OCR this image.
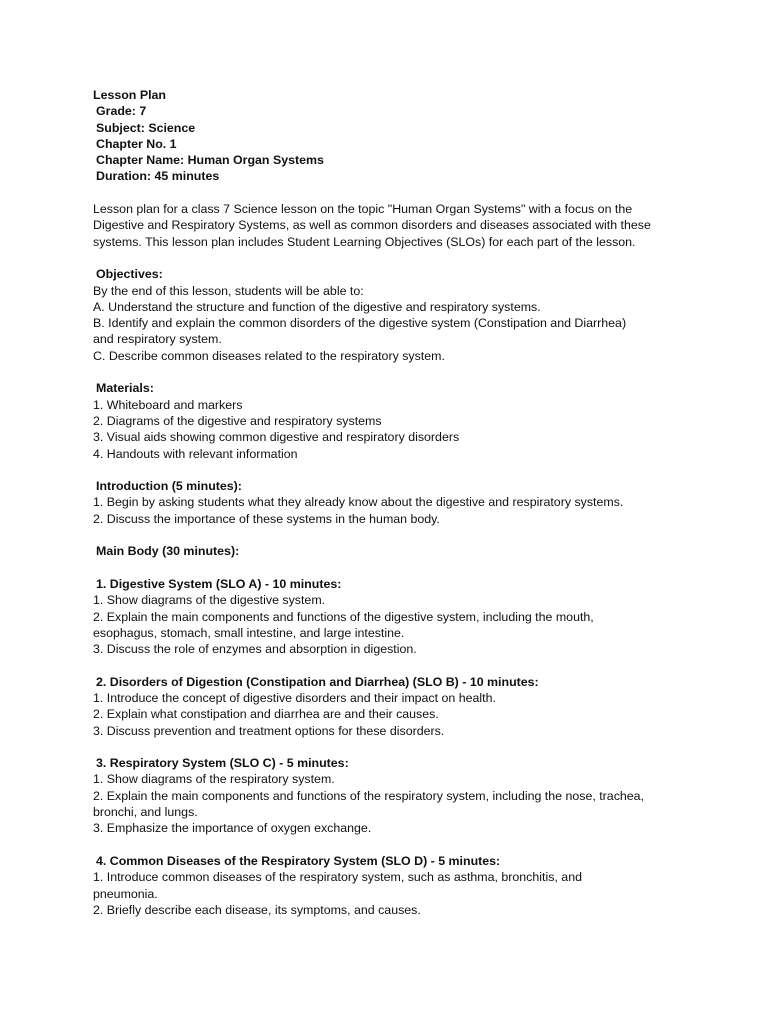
Lesson Plan
Grade: 7
Subject: Science
Chapter No. 1
Chapter Name: Human Organ Systems
Duration: 45 minutes
Lesson plan for a class 7 Science lesson on the topic "Human Organ Systems" with a focus on the
Digestive and Respiratory Systems, as well as common disorders and diseases associated with these
systems. This lesson plan includes Student Learning Objectives (SLOs) for each part of the lesson.
Objectives:
By the end of this lesson, students will be able to:
A. Understand the structure and function of the digestive and respiratory systems.
B. Identify and explain the common disorders of the digestive system (Constipation and Diarrhea)
and respiratory system.
C. Describe common diseases related to the respiratory system.
Materials:
1. Whiteboard and markers
2. Diagrams of the digestive and respiratory systems
3. Visual aids showing common digestive and respiratory disorders
4. Handouts with relevant information
Introduction (5 minutes):
1. Begin by asking students what they already know about the digestive and respiratory systems.
2. Discuss the importance of these systems in the human body.
Main Body (30 minutes):
1. Digestive System (SLO A) - 10 minutes:
1. Show diagrams of the digestive system.
2. Explain the main components and functions of the digestive system, including the mouth,
esophagus, stomach, small intestine, and large intestine.
3. Discuss the role of enzymes and absorption in digestion.
2. Disorders of Digestion (Constipation and Diarrhea) (SLO B) - 10 minutes:
1. Introduce the concept of digestive disorders and their impact on health.
2. Explain what constipation and diarrhea are and their causes.
3. Discuss prevention and treatment options for these disorders.
3. Respiratory System (SLO C) - 5 minutes:
1. Show diagrams of the respiratory system.
2. Explain the main components and functions of the respiratory system, including the nose, trachea,
bronchi, and lungs.
3. Emphasize the importance of oxygen exchange.
4. Common Diseases of the Respiratory System (SLO D) - 5 minutes:
1. Introduce common diseases of the respiratory system, such as asthma, bronchitis, and
pneumonia.
2. Briefly describe each disease, its symptoms, and causes.
